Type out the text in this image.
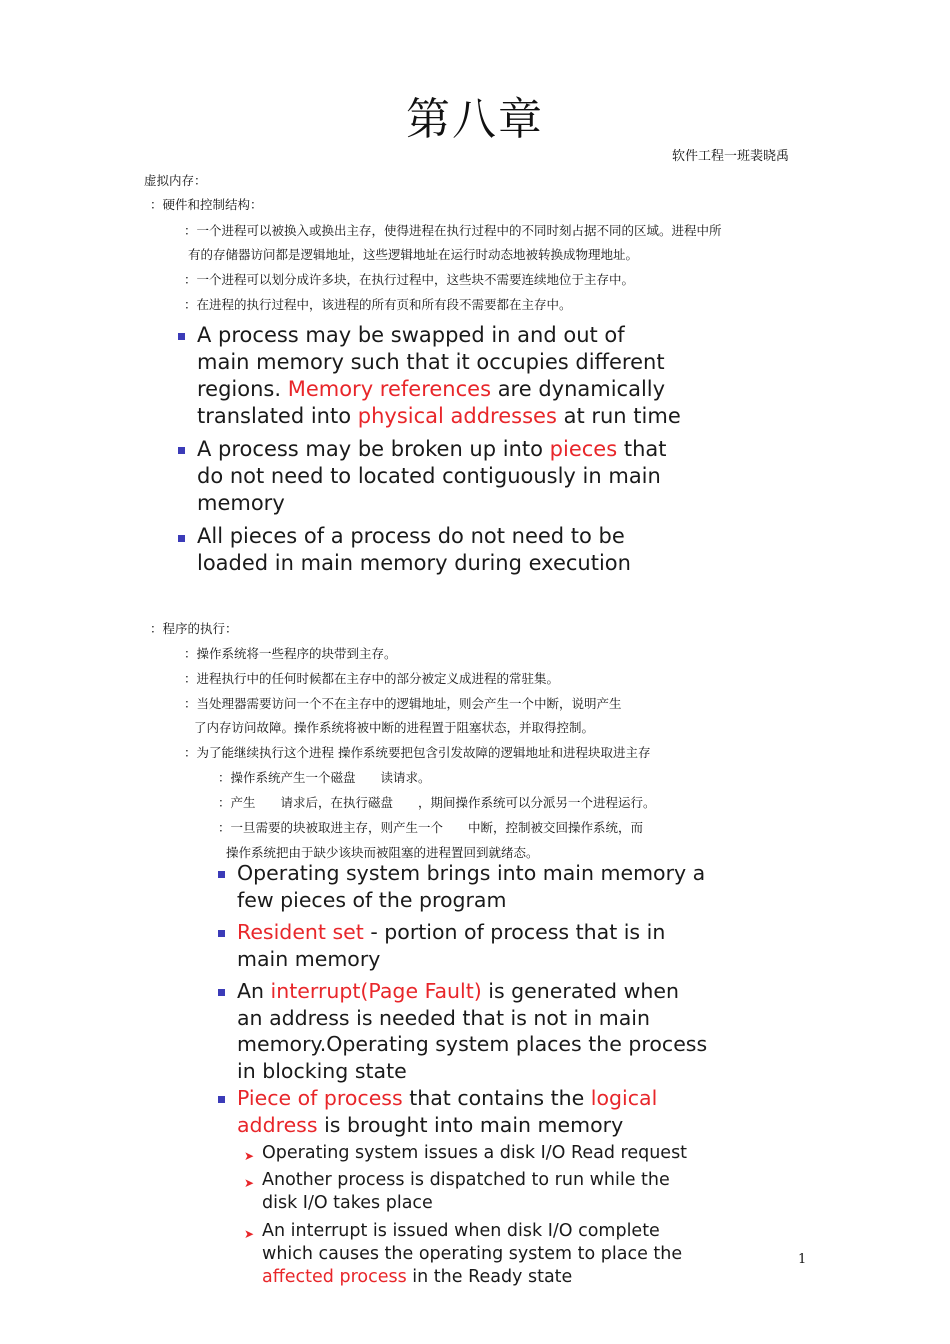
第八章
软件工程一班裴晓禹
虚拟内存：
：硬件和控制结构：
：一个进程可以被换入或换出主存，使得进程在执行过程中的不同时刻占据不同的区域。进程中所
有的存储器访问都是逻辑地址，这些逻辑地址在运行时动态地被转换成物理地址。
：一个进程可以划分成许多块，在执行过程中，这些块不需要连续地位于主存中。
：在进程的执行过程中，该进程的所有页和所有段不需要都在主存中。
A process may be swapped in and out of
main memory such that it occupies different
regions. Memory references are dynamically
translated into physical addresses at run time
A process may be broken up into pieces that
do not need to located contiguously in main
memory
All pieces of a process do not need to be
loaded in main memory during execution
：程序的执行：
：操作系统将一些程序的块带到主存。
：进程执行中的任何时候都在主存中的部分被定义成进程的常驻集。
：当处理器需要访问一个不在主存中的逻辑地址，则会产生一个中断，说明产生
了内存访问故障。操作系统将被中断的进程置于阻塞状态，并取得控制。
：为了能继续执行这个进程 操作系统要把包含引发故障的逻辑地址和进程块取进主存
：操作系统产生一个磁盘　　读请求。
：产生　　请求后，在执行磁盘　　，期间操作系统可以分派另一个进程运行。
：一旦需要的块被取进主存，则产生一个　　中断，控制被交回操作系统，而
操作系统把由于缺少该块而被阻塞的进程置回到就绪态。
Operating system brings into main memory a
few pieces of the program
Resident set - portion of process that is in
main memory
An interrupt(Page Fault) is generated when
an address is needed that is not in main
memory.Operating system places the process
in blocking state
Piece of process that contains the logical
address is brought into main memory
➤ Operating system issues a disk I/O Read request
➤ Another process is dispatched to run while the
disk I/O takes place
➤ An interrupt is issued when disk I/O complete
which causes the operating system to place the
affected process in the Ready state
1
